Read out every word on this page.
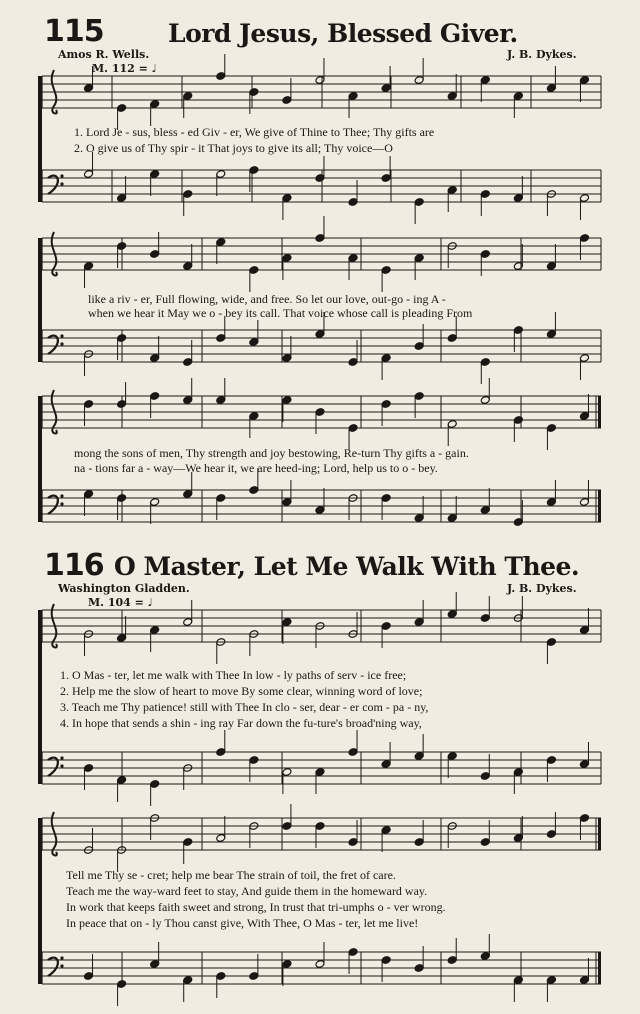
115	Lord Jesus, Blessed Giver.
Amos R. Wells.	J. B. Dykes.
M. 112 = ♩
1. Lord Je - sus, bless - ed Giv - er, We give of Thine to Thee; Thy gifts are
2. O give us of Thy spir - it That joys to give its all; Thy voice—O
like a riv - er, Full flowing, wide, and free. So let our love, out-go - ing A -
when we hear it May we o - bey its call. That voice whose call is pleading From
mong the sons of men, Thy strength and joy bestowing, Re-turn Thy gifts a - gain.
na - tions far a - way—We hear it, we are heed-ing; Lord, help us to o - bey.
116 O Master, Let Me Walk With Thee.
Washington Gladden.	J. B. Dykes.
M. 104 = ♩
1. O Mas - ter, let me walk with Thee In low - ly paths of serv - ice free;
2. Help me the slow of heart to move By some clear, winning word of love;
3. Teach me Thy patience! still with Thee In clo - ser, dear - er com - pa - ny,
4. In hope that sends a shin - ing ray Far down the fu-ture's broad'ning way,
Tell me Thy se - cret; help me bear The strain of toil, the fret of care.
Teach me the way-ward feet to stay, And guide them in the homeward way.
In work that keeps faith sweet and strong, In trust that tri-umphs o - ver wrong.
In peace that on - ly Thou canst give, With Thee, O Mas - ter, let me live!
